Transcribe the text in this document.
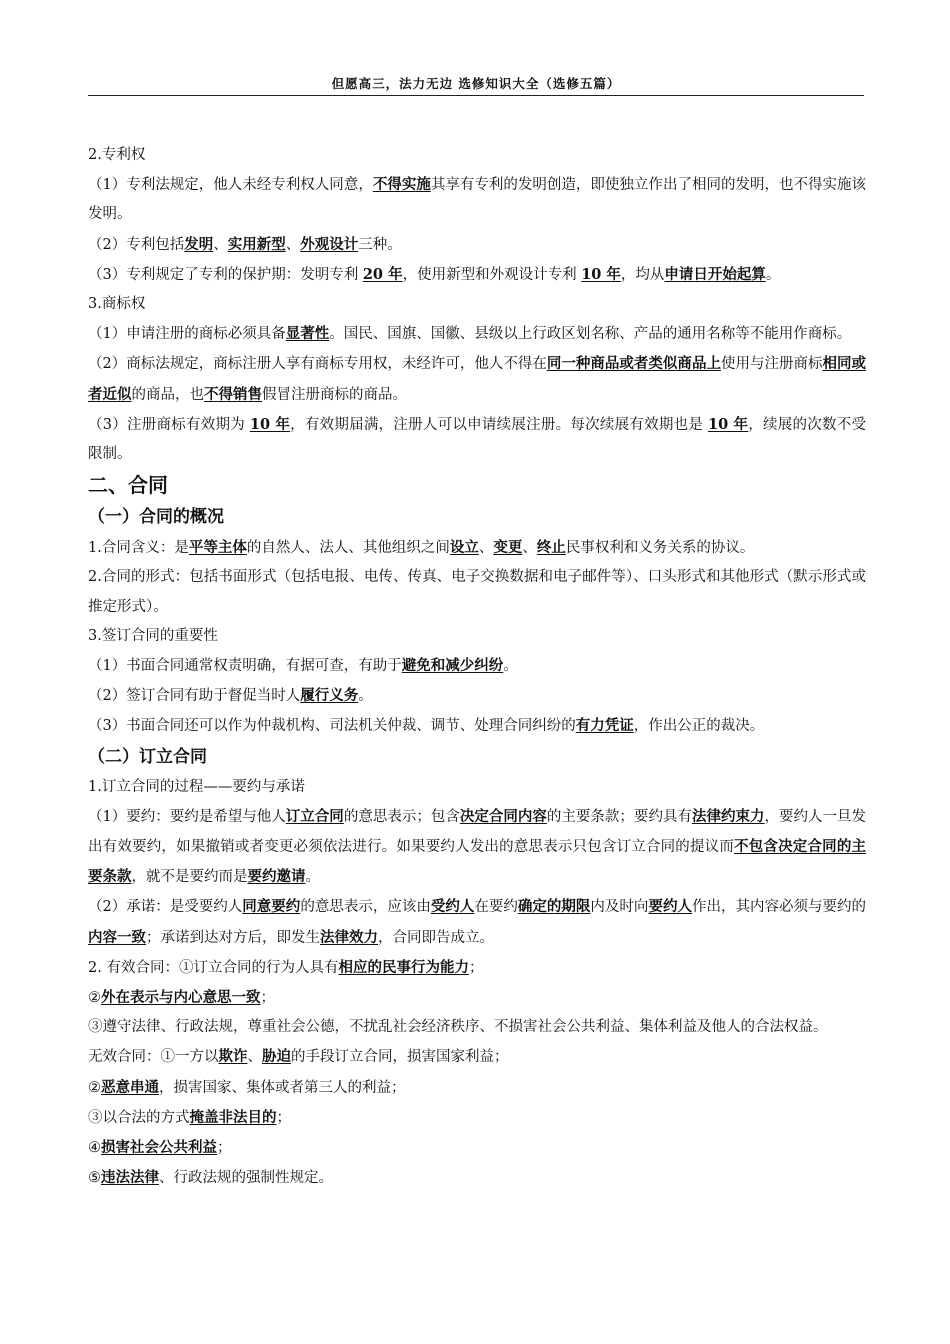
但愿高三，法力无边 选修知识大全（选修五篇）

2.专利权

（1）专利法规定，他人未经专利权人同意，不得实施其享有专利的发明创造，即使独立作出了相同的发明，也不得实施该发明。

（2）专利包括发明、实用新型、外观设计三种。

（3）专利规定了专利的保护期：发明专利 20 年，使用新型和外观设计专利 10 年，均从申请日开始起算。

3.商标权

（1）申请注册的商标必须具备显著性。国民、国旗、国徽、县级以上行政区划名称、产品的通用名称等不能用作商标。

（2）商标法规定，商标注册人享有商标专用权，未经许可，他人不得在同一种商品或者类似商品上使用与注册商标相同或者近似的商品，也不得销售假冒注册商标的商品。

（3）注册商标有效期为 10 年，有效期届满，注册人可以申请续展注册。每次续展有效期也是 10 年，续展的次数不受限制。

二、合同

（一）合同的概况

1.合同含义：是平等主体的自然人、法人、其他组织之间设立、变更、终止民事权利和义务关系的协议。

2.合同的形式：包括书面形式（包括电报、电传、传真、电子交换数据和电子邮件等）、口头形式和其他形式（默示形式或推定形式）。

3.签订合同的重要性

（1）书面合同通常权责明确，有据可查，有助于避免和减少纠纷。

（2）签订合同有助于督促当时人履行义务。

（3）书面合同还可以作为仲裁机构、司法机关仲裁、调节、处理合同纠纷的有力凭证，作出公正的裁决。

（二）订立合同

1.订立合同的过程——要约与承诺

（1）要约：要约是希望与他人订立合同的意思表示；包含决定合同内容的主要条款；要约具有法律约束力，要约人一旦发出有效要约，如果撤销或者变更必须依法进行。如果要约人发出的意思表示只包含订立合同的提议而不包含决定合同的主要条款，就不是要约而是要约邀请。

（2）承诺：是受要约人同意要约的意思表示，应该由受约人在要约确定的期限内及时向要约人作出，其内容必须与要约的内容一致；承诺到达对方后，即发生法律效力，合同即告成立。

2. 有效合同：①订立合同的行为人具有相应的民事行为能力；

②外在表示与内心意思一致；

③遵守法律、行政法规，尊重社会公德，不扰乱社会经济秩序、不损害社会公共利益、集体利益及他人的合法权益。

无效合同：①一方以欺诈、胁迫的手段订立合同，损害国家利益；

②恶意串通，损害国家、集体或者第三人的利益；

③以合法的方式掩盖非法目的；

④损害社会公共利益；

⑤违法法律、行政法规的强制性规定。
